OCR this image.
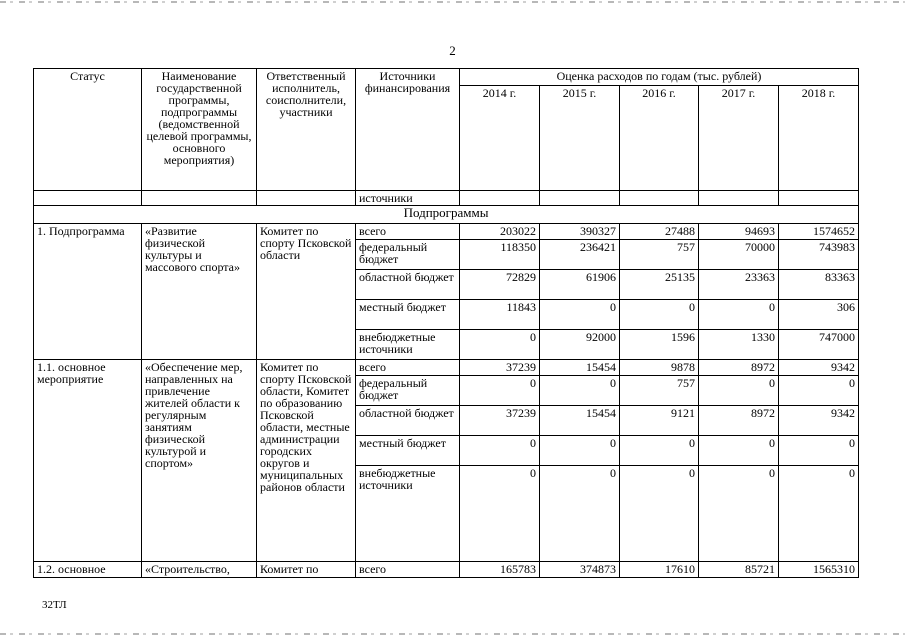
2
Статус	Наименование государственной программы, подпрограммы (ведомственной целевой программы, основного мероприятия)	Ответственный исполнитель, соисполнители, участники	Источники финансирования	Оценка расходов по годам (тыс. рублей)				
				2014 г.	2015 г.	2016 г.	2017 г.	2018 г.
			источники					
Подпрограммы								
1. Подпрограмма	«Развитие физической культуры и массового спорта»	Комитет по спорту Псковской области	всего	203022	390327	27488	94693	1574652
			федеральный бюджет	118350	236421	757	70000	743983
			областной бюджет	72829	61906	25135	23363	83363
			местный бюджет	11843	0	0	0	306
			внебюджетные источники	0	92000	1596	1330	747000
1.1. основное мероприятие	«Обеспечение мер, направленных на привлечение жителей области к регулярным занятиям физической культурой и спортом»	Комитет по спорту Псковской области, Комитет по образованию Псковской области, местные администрации городских округов и муниципальных районов области	всего	37239	15454	9878	8972	9342
			федеральный бюджет	0	0	757	0	0
			областной бюджет	37239	15454	9121	8972	9342
			местный бюджет	0	0	0	0	0
			внебюджетные источники	0	0	0	0	0
1.2. основное	«Строительство,	Комитет по	всего	165783	374873	17610	85721	1565310
32ТЛ
